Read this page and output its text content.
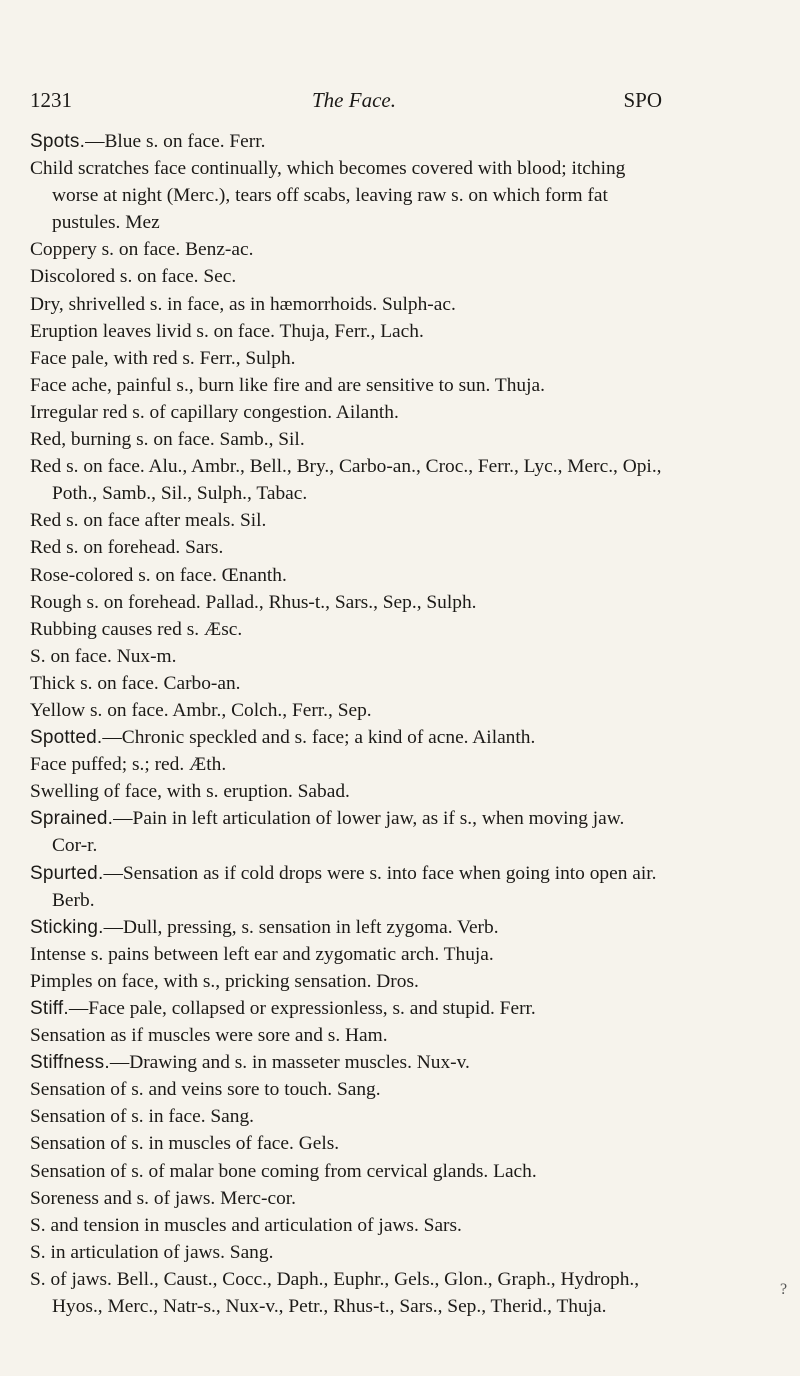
1231	The Face.	SPO

Spots.—Blue s. on face. Ferr.

Child scratches face continually, which becomes covered with blood; itching worse at night (Merc.), tears off scabs, leaving raw s. on which form fat pustules. Mez

Coppery s. on face. Benz-ac.

Discolored s. on face. Sec.

Dry, shrivelled s. in face, as in hæmorrhoids. Sulph-ac.

Eruption leaves livid s. on face. Thuja, Ferr., Lach.

Face pale, with red s. Ferr., Sulph.

Face ache, painful s., burn like fire and are sensitive to sun. Thuja.

Irregular red s. of capillary congestion. Ailanth.

Red, burning s. on face. Samb., Sil.

Red s. on face. Alu., Ambr., Bell., Bry., Carbo-an., Croc., Ferr., Lyc., Merc., Opi., Poth., Samb., Sil., Sulph., Tabac.

Red s. on face after meals. Sil.

Red s. on forehead. Sars.

Rose-colored s. on face. Œnanth.

Rough s. on forehead. Pallad., Rhus-t., Sars., Sep., Sulph.

Rubbing causes red s. Æsc.

S. on face. Nux-m.

Thick s. on face. Carbo-an.

Yellow s. on face. Ambr., Colch., Ferr., Sep.

Spotted.—Chronic speckled and s. face; a kind of acne. Ailanth.

Face puffed; s.; red. Æth.

Swelling of face, with s. eruption. Sabad.

Sprained.—Pain in left articulation of lower jaw, as if s., when moving jaw. Cor-r.

Spurted.—Sensation as if cold drops were s. into face when going into open air. Berb.

Sticking.—Dull, pressing, s. sensation in left zygoma. Verb.

Intense s. pains between left ear and zygomatic arch. Thuja.

Pimples on face, with s., pricking sensation. Dros.

Stiff.—Face pale, collapsed or expressionless, s. and stupid. Ferr.

Sensation as if muscles were sore and s. Ham.

Stiffness.—Drawing and s. in masseter muscles. Nux-v.

Sensation of s. and veins sore to touch. Sang.

Sensation of s. in face. Sang.

Sensation of s. in muscles of face. Gels.

Sensation of s. of malar bone coming from cervical glands. Lach.

Soreness and s. of jaws. Merc-cor.

S. and tension in muscles and articulation of jaws. Sars.

S. in articulation of jaws. Sang.

S. of jaws. Bell., Caust., Cocc., Daph., Euphr., Gels., Glon., Graph., Hydroph., Hyos., Merc., Natr-s., Nux-v., Petr., Rhus-t., Sars., Sep., Therid., Thuja.

?
